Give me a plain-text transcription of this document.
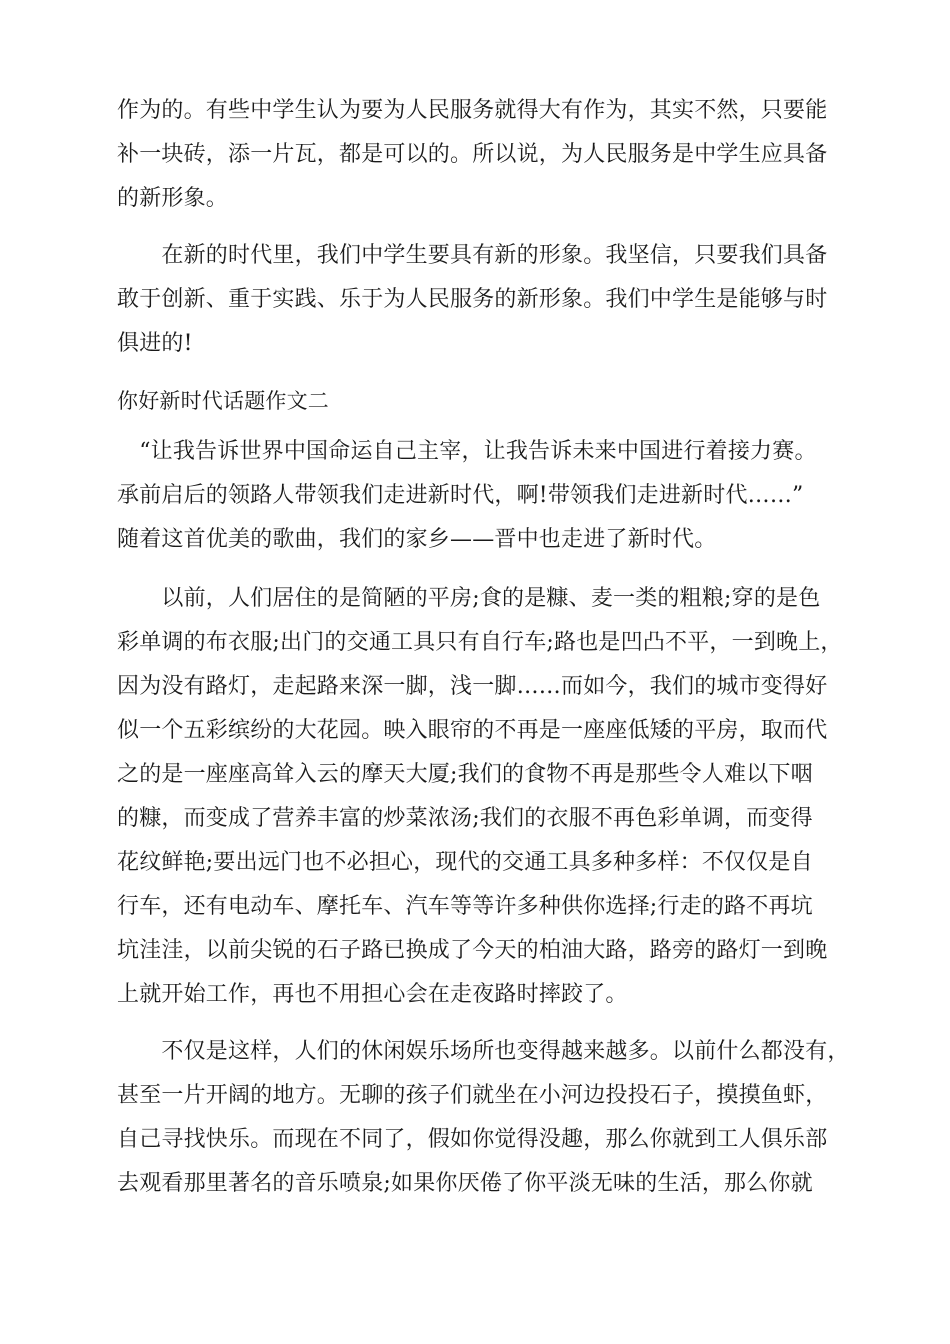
作为的。有些中学生认为要为人民服务就得大有作为，其实不然，只要能
补一块砖，添一片瓦，都是可以的。所以说，为人民服务是中学生应具备
的新形象。
　　在新的时代里，我们中学生要具有新的形象。我坚信，只要我们具备
敢于创新、重于实践、乐于为人民服务的新形象。我们中学生是能够与时
俱进的!
你好新时代话题作文二
　“让我告诉世界中国命运自己主宰，让我告诉未来中国进行着接力赛。
承前启后的领路人带领我们走进新时代，啊!带领我们走进新时代……”
随着这首优美的歌曲，我们的家乡——晋中也走进了新时代。
　　以前，人们居住的是简陋的平房;食的是糠、麦一类的粗粮;穿的是色
彩单调的布衣服;出门的交通工具只有自行车;路也是凹凸不平，一到晚上，
因为没有路灯，走起路来深一脚，浅一脚……而如今，我们的城市变得好
似一个五彩缤纷的大花园。映入眼帘的不再是一座座低矮的平房，取而代
之的是一座座高耸入云的摩天大厦;我们的食物不再是那些令人难以下咽
的糠，而变成了营养丰富的炒菜浓汤;我们的衣服不再色彩单调，而变得
花纹鲜艳;要出远门也不必担心，现代的交通工具多种多样：不仅仅是自
行车，还有电动车、摩托车、汽车等等许多种供你选择;行走的路不再坑
坑洼洼，以前尖锐的石子路已换成了今天的柏油大路，路旁的路灯一到晚
上就开始工作，再也不用担心会在走夜路时摔跤了。
　　不仅是这样，人们的休闲娱乐场所也变得越来越多。以前什么都没有，
甚至一片开阔的地方。无聊的孩子们就坐在小河边投投石子，摸摸鱼虾，
自己寻找快乐。而现在不同了，假如你觉得没趣，那么你就到工人俱乐部
去观看那里著名的音乐喷泉;如果你厌倦了你平淡无味的生活，那么你就
